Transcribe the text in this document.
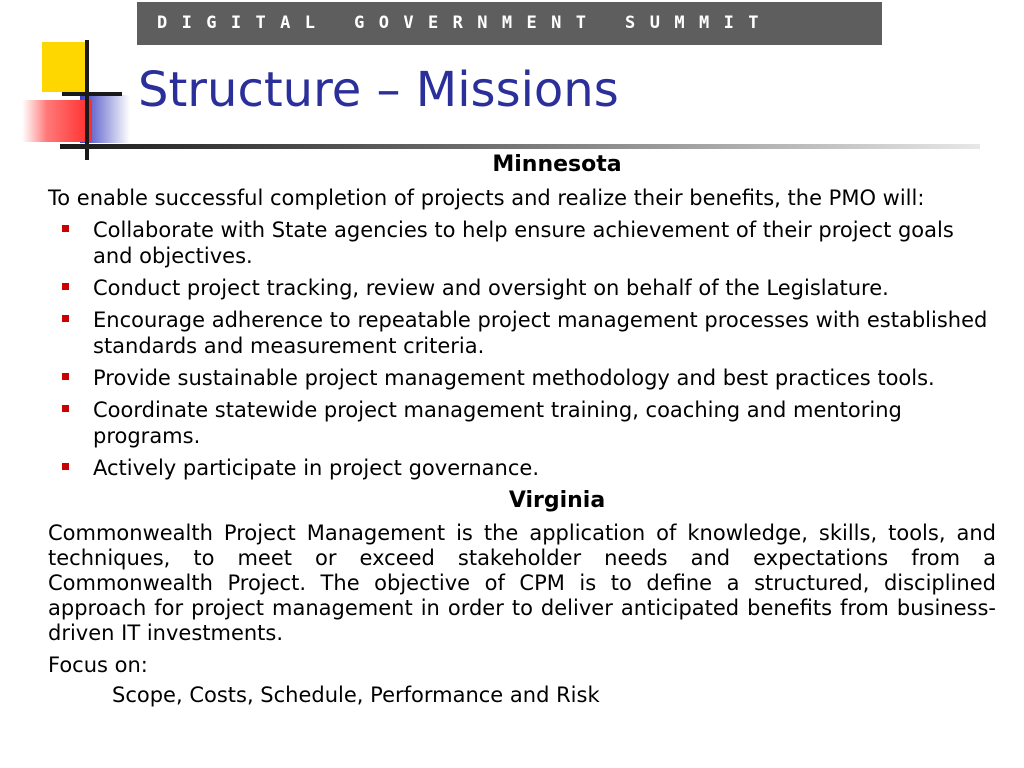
DIGITAL GOVERNMENT SUMMIT
Structure – Missions
Minnesota
To enable successful completion of projects and realize their benefits, the PMO will:
Collaborate with State agencies to help ensure achievement of their project goals and objectives.
Conduct project tracking, review and oversight on behalf of the Legislature.
Encourage adherence to repeatable project management processes with established standards and measurement criteria.
Provide sustainable project management methodology and best practices tools.
Coordinate statewide project management training, coaching and mentoring programs.
Actively participate in project governance.
Virginia
Commonwealth Project Management is the application of knowledge, skills, tools, and techniques, to meet or exceed stakeholder needs and expectations from a Commonwealth Project. The objective of CPM is to define a structured, disciplined approach for project management in order to deliver anticipated benefits from business-driven IT investments.
Focus on:
Scope, Costs, Schedule, Performance and Risk
